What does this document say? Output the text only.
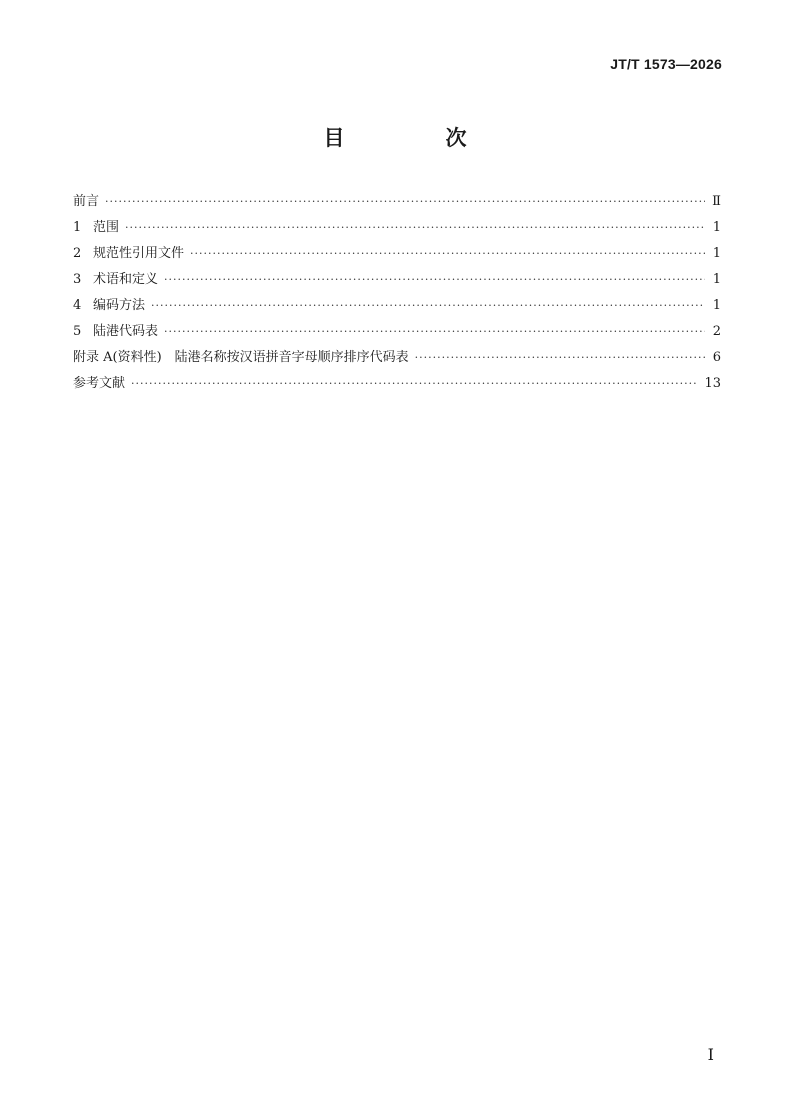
JT/T 1573—2026
目　次
前言 ·····	Ⅱ
1 范围 ·····	1
2 规范性引用文件 ·····	1
3 术语和定义 ·····	1
4 编码方法 ·····	1
5 陆港代码表 ·····	2
附录 A(资料性)　陆港名称按汉语拼音字母顺序排序代码表 ·····	6
参考文献 ·····	13
I
